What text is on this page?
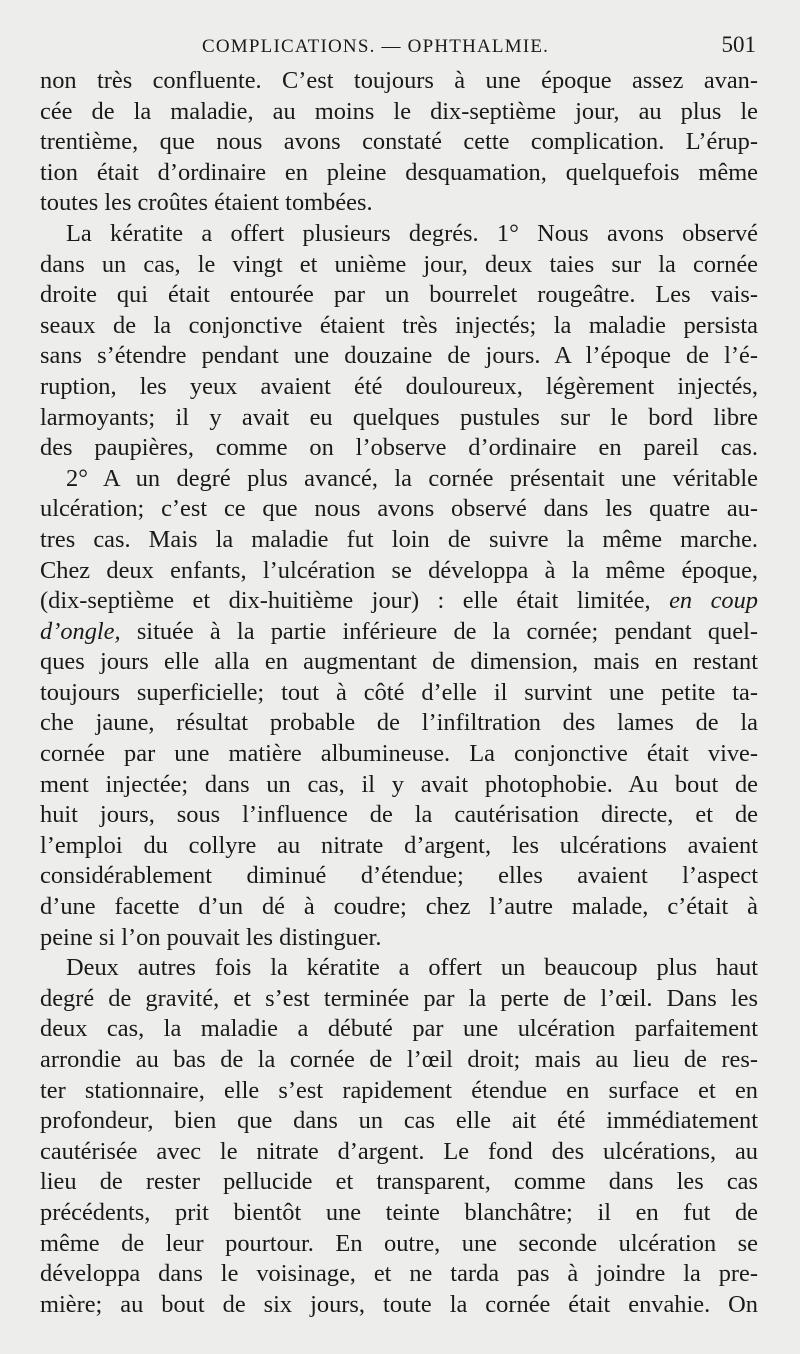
COMPLICATIONS. — OPHTHALMIE.	501
non très confluente. C’est toujours à une époque assez avan-
cée de la maladie, au moins le dix-septième jour, au plus le
trentième, que nous avons constaté cette complication. L’érup-
tion était d’ordinaire en pleine desquamation, quelquefois même
toutes les croûtes étaient tombées.
La kératite a offert plusieurs degrés. 1° Nous avons observé
dans un cas, le vingt et unième jour, deux taies sur la cornée
droite qui était entourée par un bourrelet rougeâtre. Les vais-
seaux de la conjonctive étaient très injectés; la maladie persista
sans s’étendre pendant une douzaine de jours. A l’époque de l’é-
ruption, les yeux avaient été douloureux, légèrement injectés,
larmoyants; il y avait eu quelques pustules sur le bord libre
des paupières, comme on l’observe d’ordinaire en pareil cas.
2° A un degré plus avancé, la cornée présentait une véritable
ulcération; c’est ce que nous avons observé dans les quatre au-
tres cas. Mais la maladie fut loin de suivre la même marche.
Chez deux enfants, l’ulcération se développa à la même époque,
(dix-septième et dix-huitième jour) : elle était limitée, en coup
d’ongle, située à la partie inférieure de la cornée; pendant quel-
ques jours elle alla en augmentant de dimension, mais en restant
toujours superficielle; tout à côté d’elle il survint une petite ta-
che jaune, résultat probable de l’infiltration des lames de la
cornée par une matière albumineuse. La conjonctive était vive-
ment injectée; dans un cas, il y avait photophobie. Au bout de
huit jours, sous l’influence de la cautérisation directe, et de
l’emploi du collyre au nitrate d’argent, les ulcérations avaient
considérablement diminué d’étendue; elles avaient l’aspect
d’une facette d’un dé à coudre; chez l’autre malade, c’était à
peine si l’on pouvait les distinguer.
Deux autres fois la kératite a offert un beaucoup plus haut
degré de gravité, et s’est terminée par la perte de l’œil. Dans les
deux cas, la maladie a débuté par une ulcération parfaitement
arrondie au bas de la cornée de l’œil droit; mais au lieu de res-
ter stationnaire, elle s’est rapidement étendue en surface et en
profondeur, bien que dans un cas elle ait été immédiatement
cautérisée avec le nitrate d’argent. Le fond des ulcérations, au
lieu de rester pellucide et transparent, comme dans les cas
précédents, prit bientôt une teinte blanchâtre; il en fut de
même de leur pourtour. En outre, une seconde ulcération se
développa dans le voisinage, et ne tarda pas à joindre la pre-
mière; au bout de six jours, toute la cornée était envahie. On
